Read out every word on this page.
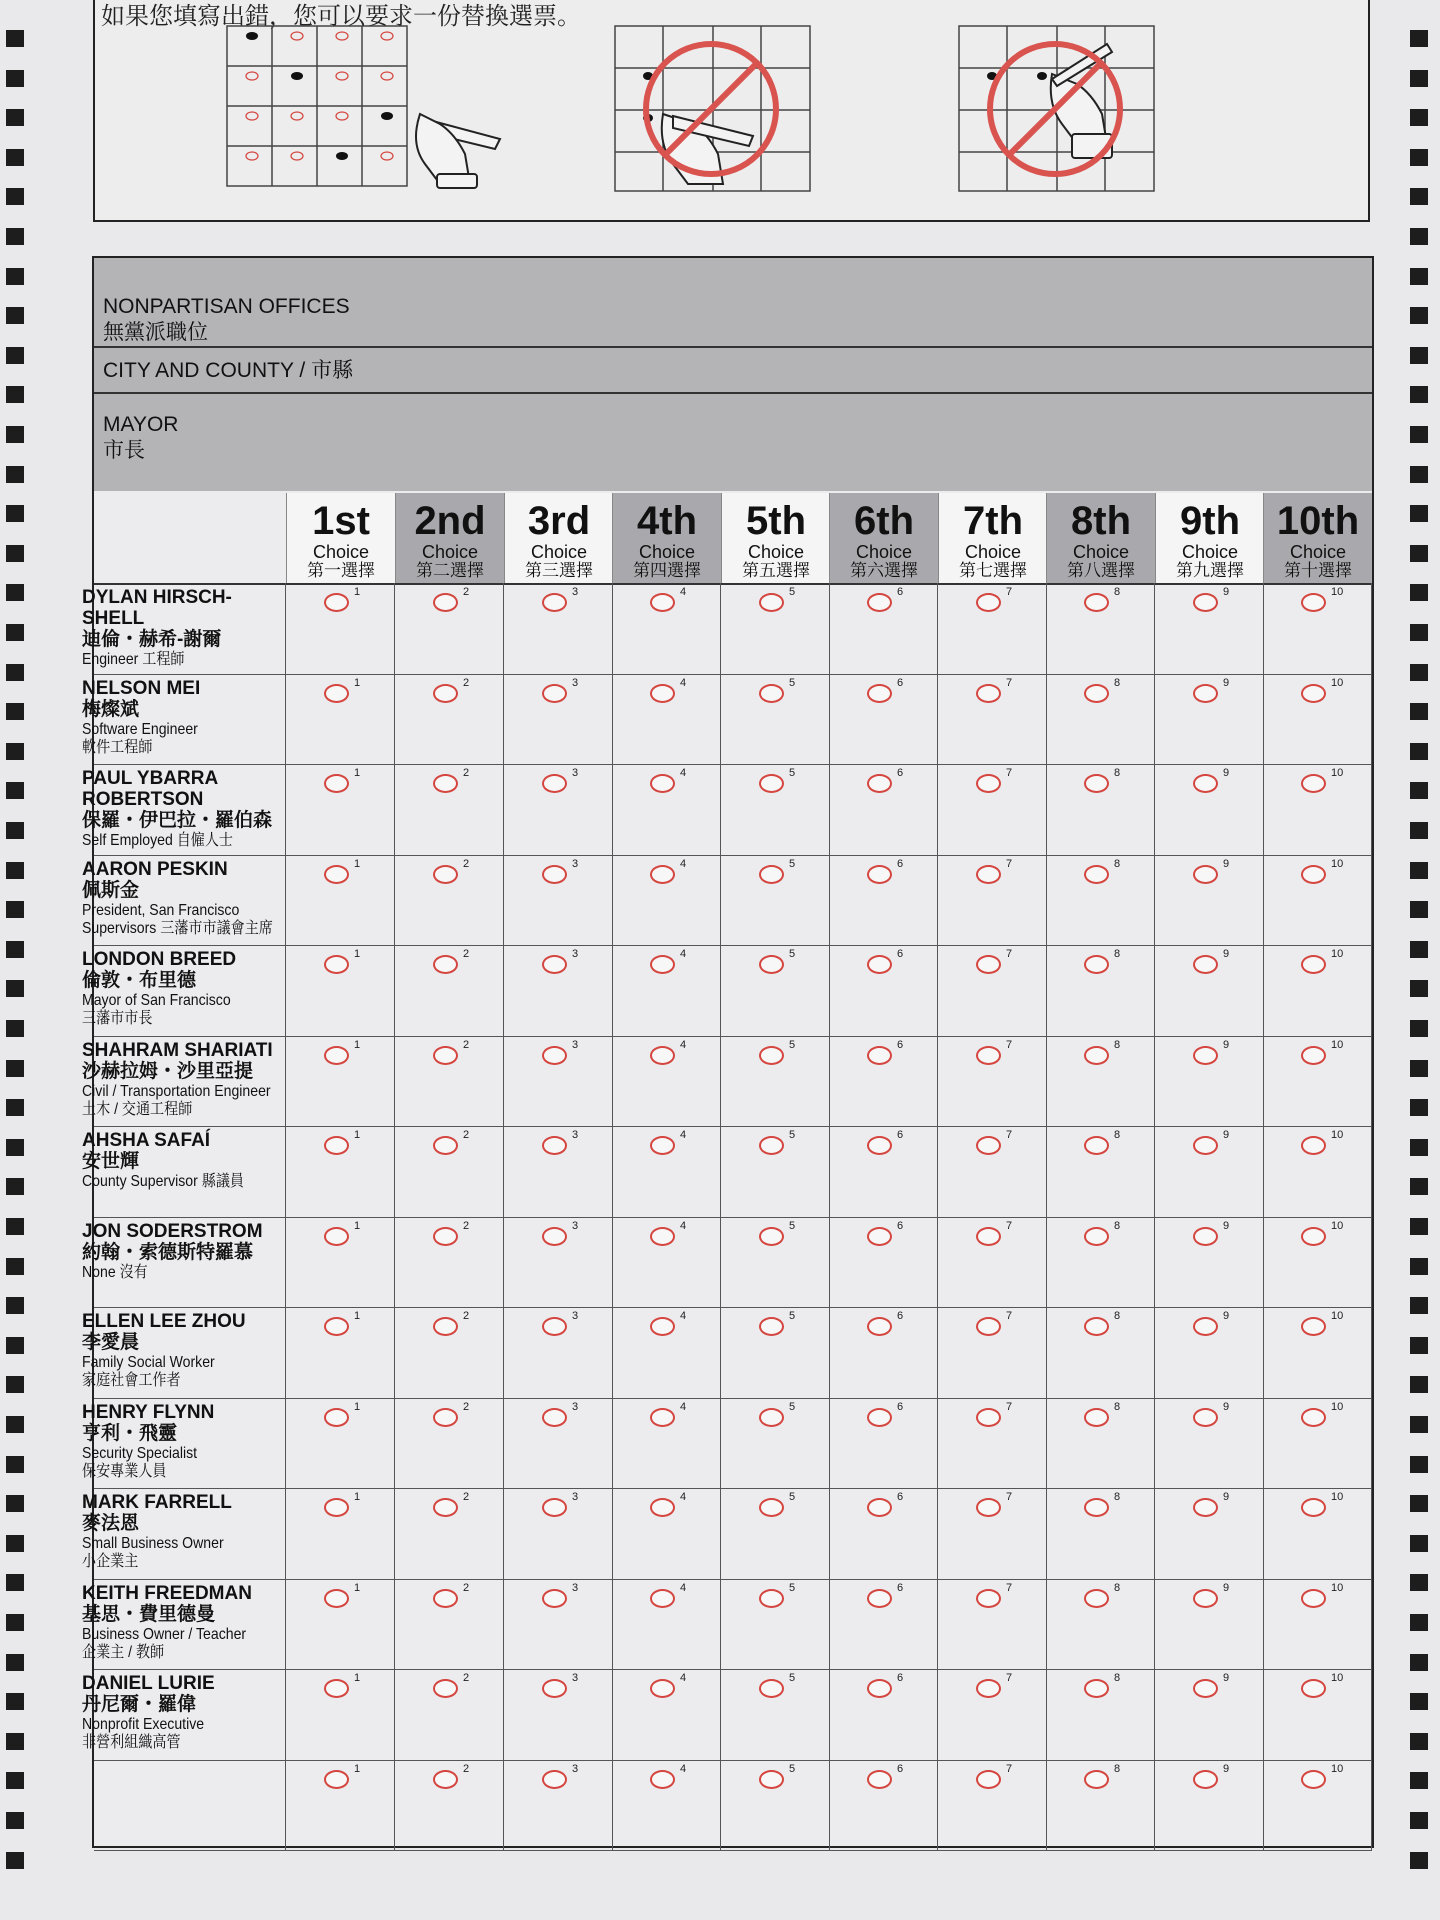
如果您填寫出錯，您可以要求一份替換選票。
NONPARTISAN OFFICES
無黨派職位
CITY AND COUNTY / 市縣
MAYOR
市長
1st
Choice
第一選擇
2nd
Choice
第二選擇
3rd
Choice
第三選擇
4th
Choice
第四選擇
5th
Choice
第五選擇
6th
Choice
第六選擇
7th
Choice
第七選擇
8th
Choice
第八選擇
9th
Choice
第九選擇
10th
Choice
第十選擇
DYLAN HIRSCH-SHELL
迪倫・赫希-謝爾
Engineer 工程師
1	2	3	4	5	6	7	8	9	10
NELSON MEI
梅燦斌
Software Engineer
軟件工程師
1	2	3	4	5	6	7	8	9	10
PAUL YBARRA ROBERTSON
保羅・伊巴拉・羅伯森
Self Employed 自僱人士
1	2	3	4	5	6	7	8	9	10
AARON PESKIN
佩斯金
President, San Francisco
Supervisors 三藩市市議會主席
1	2	3	4	5	6	7	8	9	10
LONDON BREED
倫敦・布里德
Mayor of San Francisco
三藩市市長
1	2	3	4	5	6	7	8	9	10
SHAHRAM SHARIATI
沙赫拉姆・沙里亞提
Civil / Transportation Engineer
土木 / 交通工程師
1	2	3	4	5	6	7	8	9	10
AHSHA SAFAÍ
安世輝
County Supervisor 縣議員
1	2	3	4	5	6	7	8	9	10
JON SODERSTROM
約翰・索德斯特羅慕
None 沒有
1	2	3	4	5	6	7	8	9	10
ELLEN LEE ZHOU
李愛晨
Family Social Worker
家庭社會工作者
1	2	3	4	5	6	7	8	9	10
HENRY FLYNN
亨利・飛靈
Security Specialist
保安專業人員
1	2	3	4	5	6	7	8	9	10
MARK FARRELL
麥法恩
Small Business Owner
小企業主
1	2	3	4	5	6	7	8	9	10
KEITH FREEDMAN
基思・費里德曼
Business Owner / Teacher
企業主 / 教師
1	2	3	4	5	6	7	8	9	10
DANIEL LURIE
丹尼爾・羅偉
Nonprofit Executive
非營利組織高管
1	2	3	4	5	6	7	8	9	10
1	2	3	4	5	6	7	8	9	10
